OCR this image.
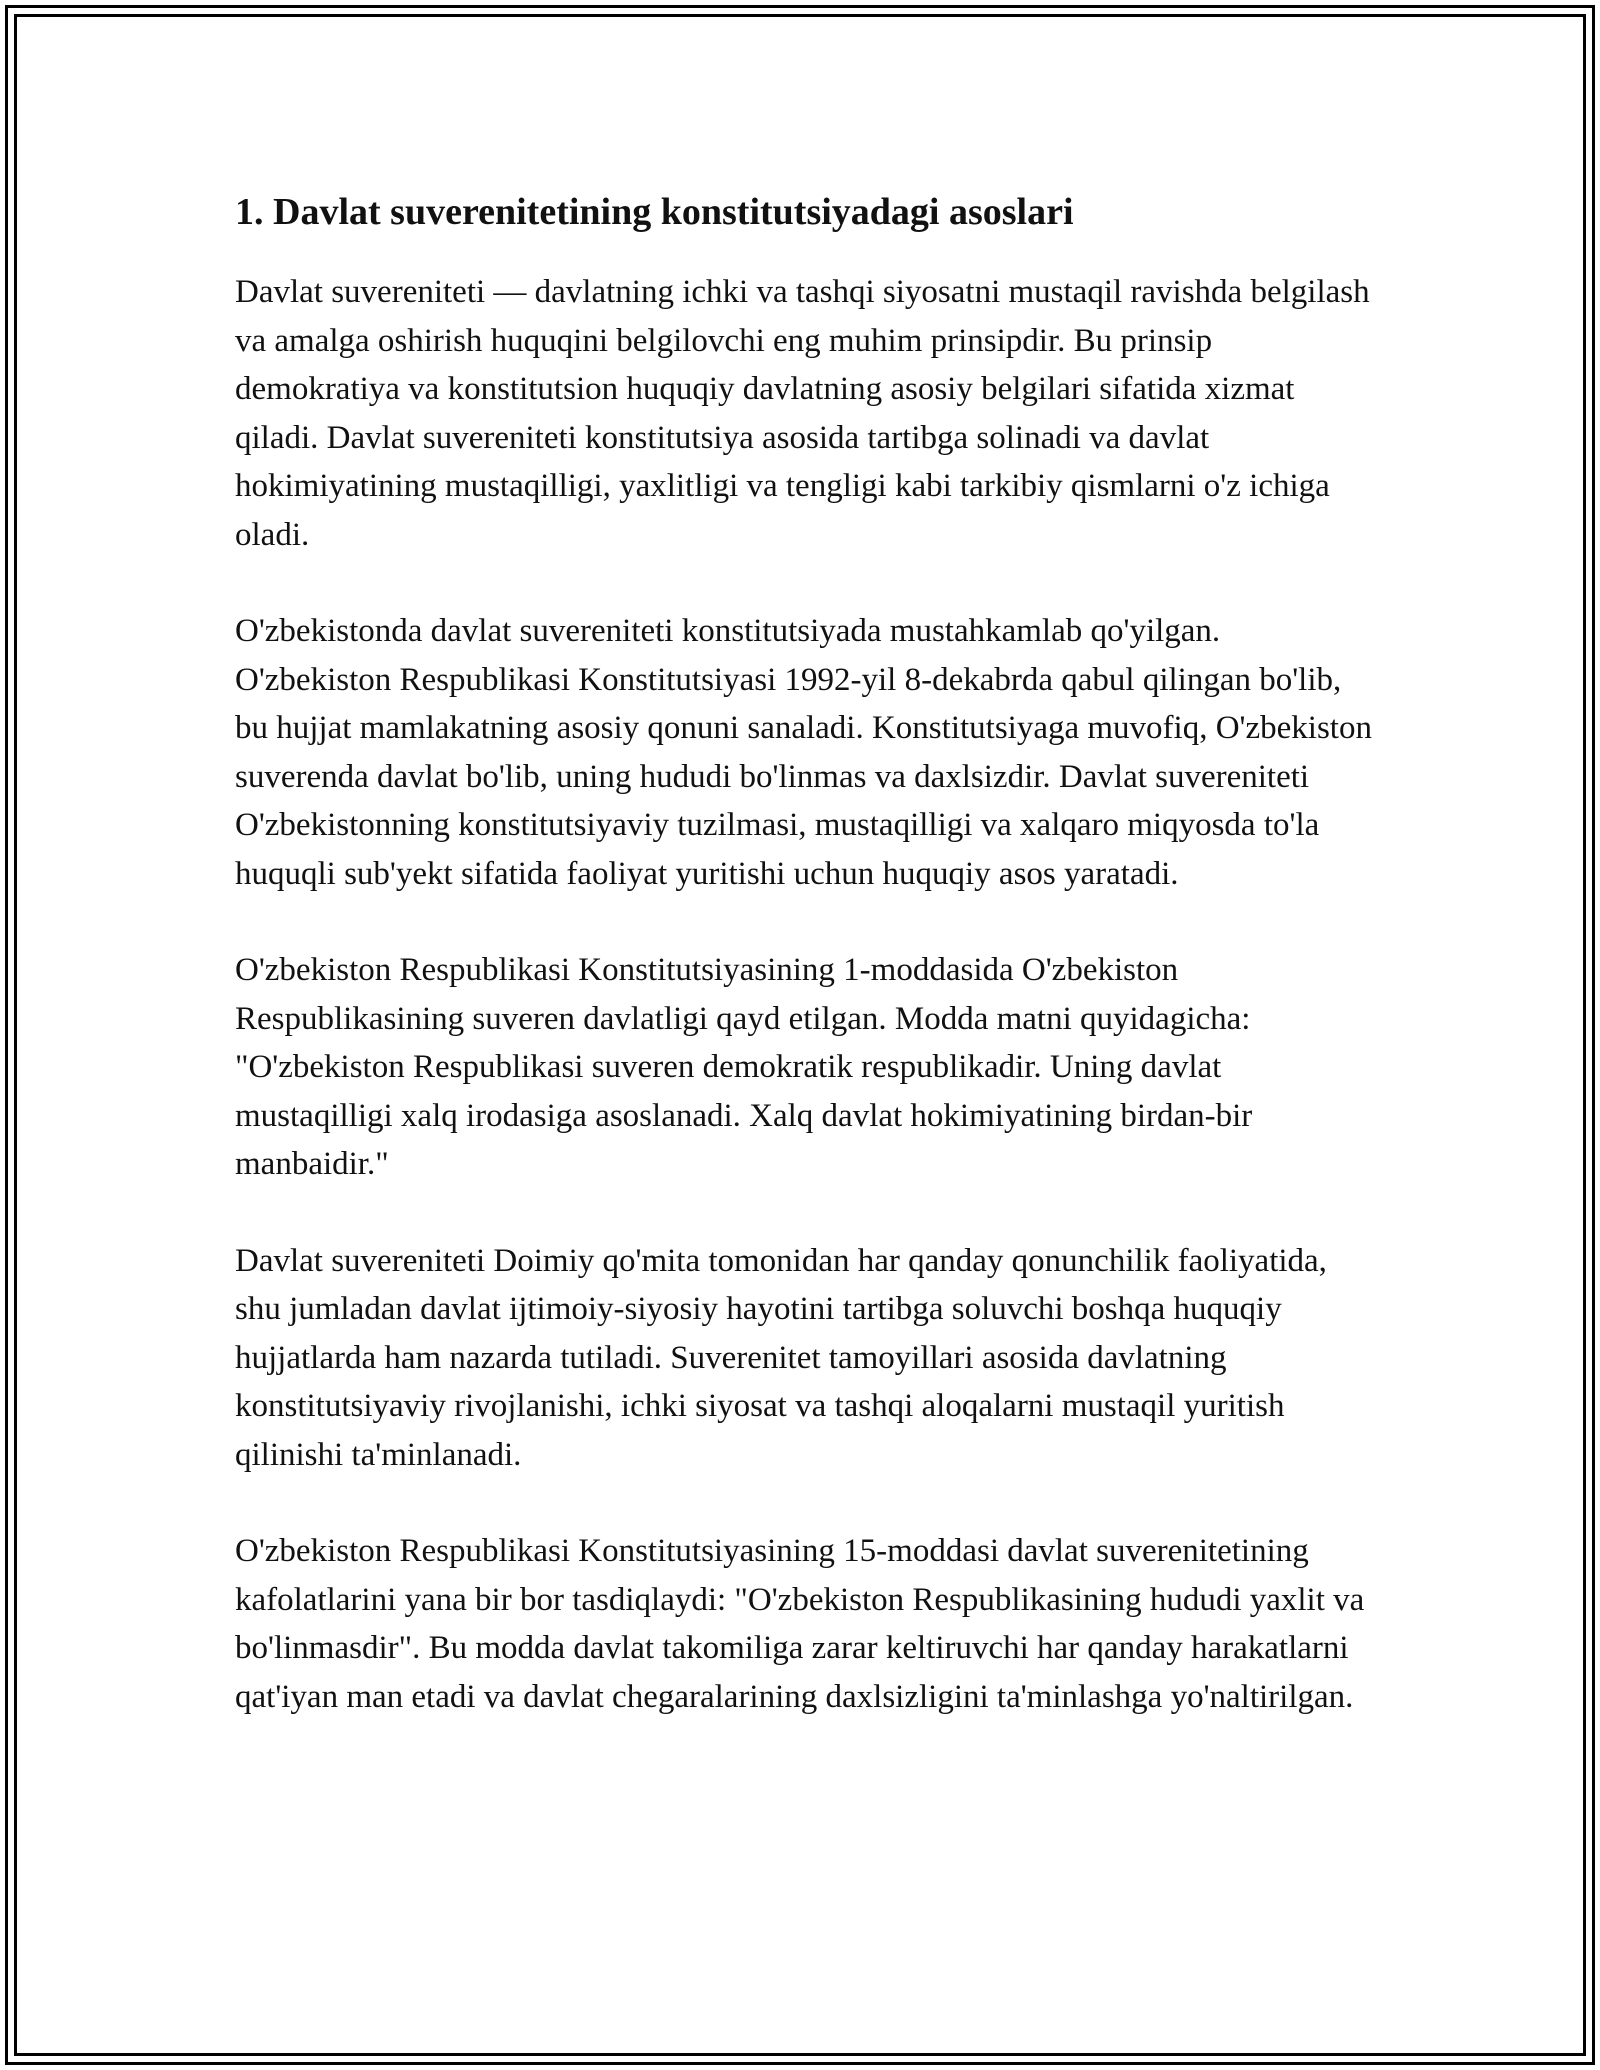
1. Davlat suverenitetining konstitutsiyadagi asoslari

Davlat suvereniteti — davlatning ichki va tashqi siyosatni mustaqil ravishda belgilash va amalga oshirish huquqini belgilovchi eng muhim prinsipdir. Bu prinsip demokratiya va konstitutsion huquqiy davlatning asosiy belgilari sifatida xizmat qiladi. Davlat suvereniteti konstitutsiya asosida tartibga solinadi va davlat hokimiyatining mustaqilligi, yaxlitligi va tengligi kabi tarkibiy qismlarni o'z ichiga oladi.

O'zbekistonda davlat suvereniteti konstitutsiyada mustahkamlab qo'yilgan. O'zbekiston Respublikasi Konstitutsiyasi 1992-yil 8-dekabrda qabul qilingan bo'lib, bu hujjat mamlakatning asosiy qonuni sanaladi. Konstitutsiyaga muvofiq, O'zbekiston suverenda davlat bo'lib, uning hududi bo'linmas va daxlsizdir. Davlat suvereniteti O'zbekistonning konstitutsiyaviy tuzilmasi, mustaqilligi va xalqaro miqyosda to'la huquqli sub'yekt sifatida faoliyat yuritishi uchun huquqiy asos yaratadi.

O'zbekiston Respublikasi Konstitutsiyasining 1-moddasida O'zbekiston Respublikasining suveren davlatligi qayd etilgan. Modda matni quyidagicha: "O'zbekiston Respublikasi suveren demokratik respublikadir. Uning davlat mustaqilligi xalq irodasiga asoslanadi. Xalq davlat hokimiyatining birdan-bir manbaidir."

Davlat suvereniteti Doimiy qo'mita tomonidan har qanday qonunchilik faoliyatida, shu jumladan davlat ijtimoiy-siyosiy hayotini tartibga soluvchi boshqa huquqiy hujjatlarda ham nazarda tutiladi. Suverenitet tamoyillari asosida davlatning konstitutsiyaviy rivojlanishi, ichki siyosat va tashqi aloqalarni mustaqil yuritish qilinishi ta'minlanadi.

O'zbekiston Respublikasi Konstitutsiyasining 15-moddasi davlat suverenitetining kafolatlarini yana bir bor tasdiqlaydi: "O'zbekiston Respublikasining hududi yaxlit va bo'linmasdir". Bu modda davlat takomiliga zarar keltiruvchi har qanday harakatlarni qat'iyan man etadi va davlat chegaralarining daxlsizligini ta'minlashga yo'naltirilgan.
